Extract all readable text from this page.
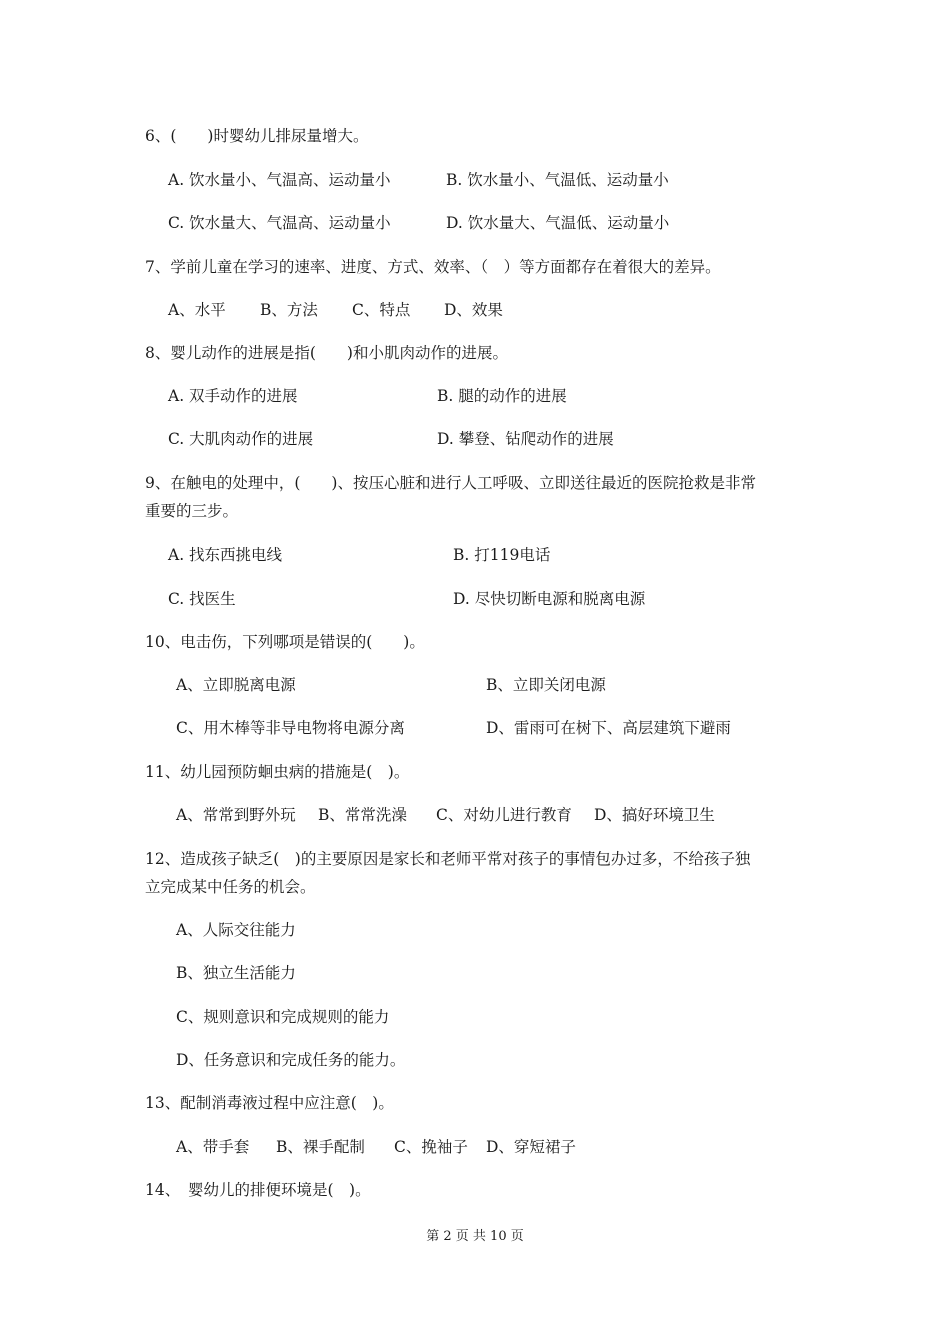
6、(　　)时婴幼儿排尿量增大。
A. 饮水量小、气温高、运动量小	B. 饮水量小、气温低、运动量小
C. 饮水量大、气温高、运动量小	D. 饮水量大、气温低、运动量小
7、学前儿童在学习的速率、进度、方式、效率、（　）等方面都存在着很大的差异。
A、水平 B、方法 C、特点 D、效果
8、婴儿动作的进展是指(　　)和小肌肉动作的进展。
A. 双手动作的进展	B. 腿的动作的进展
C. 大肌肉动作的进展	D. 攀登、钻爬动作的进展
9、在触电的处理中，(　　)、按压心脏和进行人工呼吸、立即送往最近的医院抢救是非常
重要的三步。
A. 找东西挑电线	B. 打119电话
C. 找医生	D. 尽快切断电源和脱离电源
10、电击伤，下列哪项是错误的(　　)。
A、立即脱离电源	B、立即关闭电源
C、用木棒等非导电物将电源分离	D、雷雨可在树下、高层建筑下避雨
11、幼儿园预防蛔虫病的措施是(　)。
A、常常到野外玩 B、常常洗澡 C、对幼儿进行教育 D、搞好环境卫生
12、造成孩子缺乏(　)的主要原因是家长和老师平常对孩子的事情包办过多，不给孩子独
立完成某中任务的机会。
A、人际交往能力
B、独立生活能力
C、规则意识和完成规则的能力
D、任务意识和完成任务的能力。
13、配制消毒液过程中应注意(　)。
A、带手套 B、裸手配制 C、挽袖子 D、穿短裙子
14、　婴幼儿的排便环境是(　)。
第 2 页 共 10 页
